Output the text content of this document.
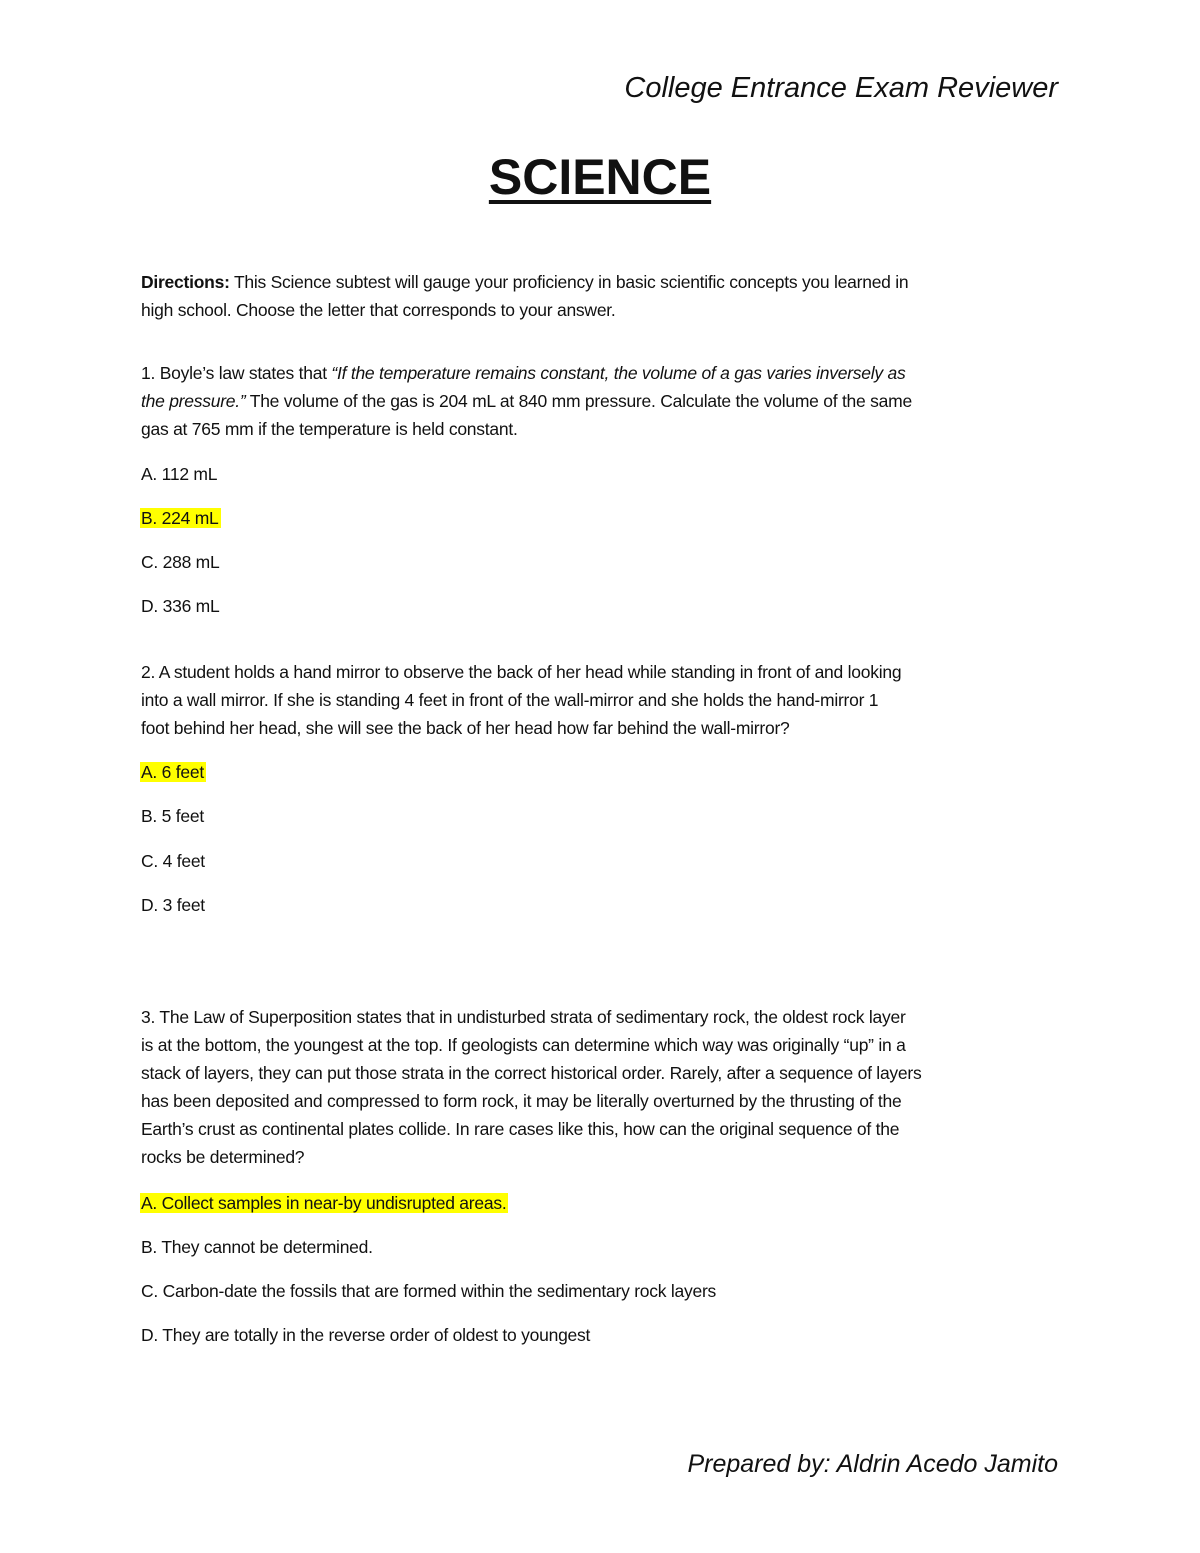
College Entrance Exam Reviewer
SCIENCE
Directions: This Science subtest will gauge your proficiency in basic scientific concepts you learned in
high school. Choose the letter that corresponds to your answer.
1. Boyle’s law states that “If the temperature remains constant, the volume of a gas varies inversely as
the pressure.” The volume of the gas is 204 mL at 840 mm pressure. Calculate the volume of the same
gas at 765 mm if the temperature is held constant.
A. 112 mL
B. 224 mL
C. 288 mL
D. 336 mL
2. A student holds a hand mirror to observe the back of her head while standing in front of and looking
into a wall mirror. If she is standing 4 feet in front of the wall-mirror and she holds the hand-mirror 1
foot behind her head, she will see the back of her head how far behind the wall-mirror?
A. 6 feet
B. 5 feet
C. 4 feet
D. 3 feet
3. The Law of Superposition states that in undisturbed strata of sedimentary rock, the oldest rock layer
is at the bottom, the youngest at the top. If geologists can determine which way was originally “up” in a
stack of layers, they can put those strata in the correct historical order. Rarely, after a sequence of layers
has been deposited and compressed to form rock, it may be literally overturned by the thrusting of the
Earth’s crust as continental plates collide. In rare cases like this, how can the original sequence of the
rocks be determined?
A. Collect samples in near-by undisrupted areas.
B. They cannot be determined.
C. Carbon-date the fossils that are formed within the sedimentary rock layers
D. They are totally in the reverse order of oldest to youngest
Prepared by: Aldrin Acedo Jamito
